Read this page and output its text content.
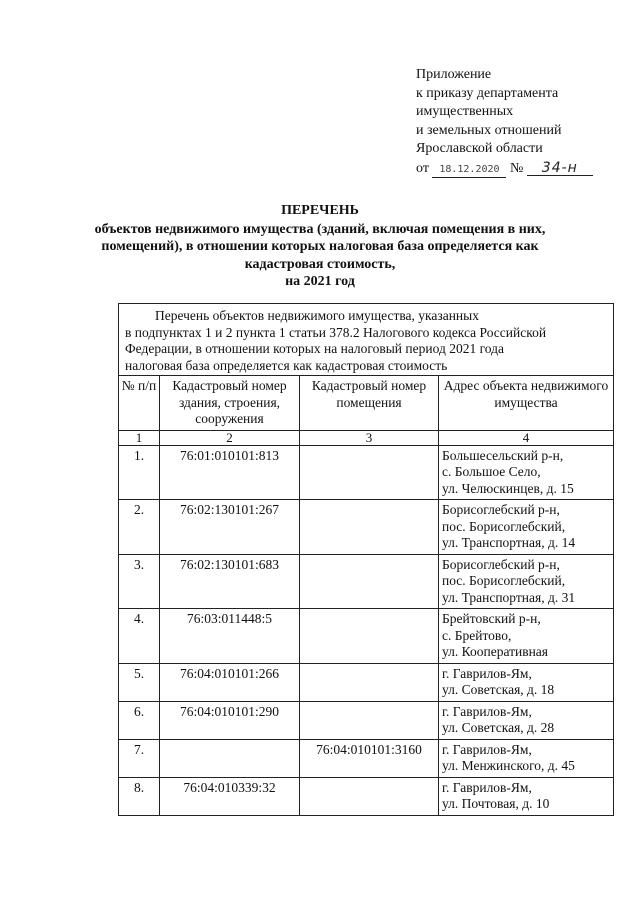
Приложение
к приказу департамента
имущественных
и земельных отношений
Ярославской области
от 18.12.2020 № 34-н
ПЕРЕЧЕНЬ
объектов недвижимого имущества (зданий, включая помещения в них,
помещений), в отношении которых налоговая база определяется как
кадастровая стоимость,
на 2021 год
Перечень объектов недвижимого имущества, указанных
в подпунктах 1 и 2 пункта 1 статьи 378.2 Налогового кодекса Российской
Федерации, в отношении которых на налоговый период 2021 года
налоговая база определяется как кадастровая стоимость			

№ п/п	Кадастровый номер здания, строения, сооружения	Кадастровый номер помещения	Адрес объекта недвижимого имущества
1	2	3	4
1.	76:01:010101:813		Большесельский р-н,
с. Большое Село,
ул. Челюскинцев, д. 15

2.	76:02:130101:267		Борисоглебский р-н,
пос. Борисоглебский,
ул. Транспортная, д. 14

3.	76:02:130101:683		Борисоглебский р-н,
пос. Борисоглебский,
ул. Транспортная, д. 31

4.	76:03:011448:5		Брейтовский р-н,
с. Брейтово,
ул. Кооперативная

5.	76:04:010101:266		г. Гаврилов-Ям,
ул. Советская, д. 18

6.	76:04:010101:290		г. Гаврилов-Ям,
ул. Советская, д. 28

7.		76:04:010101:3160	г. Гаврилов-Ям,
ул. Менжинского, д. 45

8.	76:04:010339:32		г. Гаврилов-Ям,
ул. Почтовая, д. 10
